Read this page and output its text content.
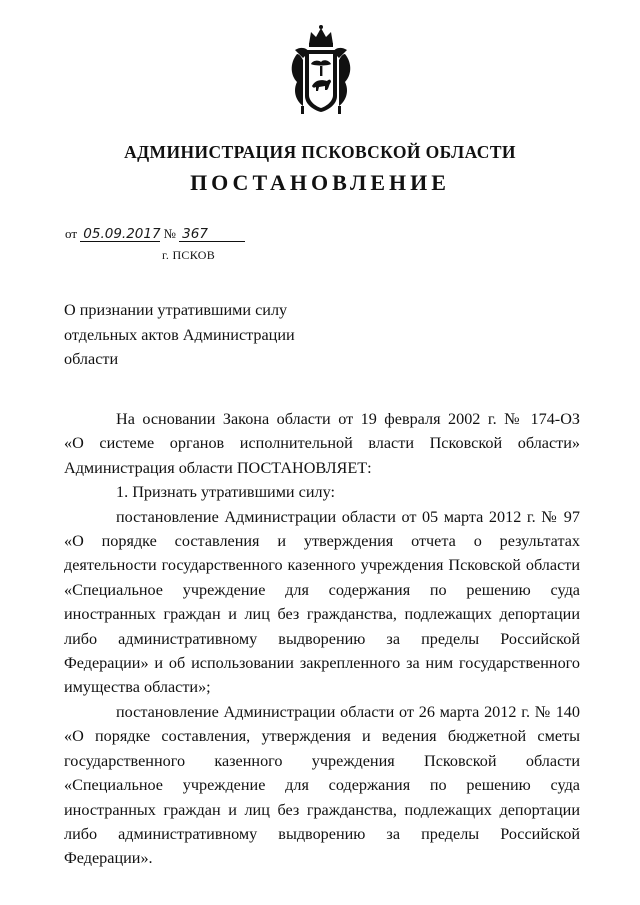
АДМИНИСТРАЦИЯ ПСКОВСКОЙ ОБЛАСТИ
ПОСТАНОВЛЕНИЕ
от 05.09.2017 № 367
г. ПСКОВ
О признании утратившими силу
отдельных актов Администрации
области
На основании Закона области от 19 февраля 2002 г. № 174-ОЗ
«О системе органов исполнительной власти Псковской области»
Администрация области ПОСТАНОВЛЯЕТ:
1. Признать утратившими силу:
постановление Администрации области от 05 марта 2012 г. № 97
«О порядке составления и утверждения отчета о результатах
деятельности государственного казенного учреждения Псковской области
«Специальное учреждение для содержания по решению суда
иностранных граждан и лиц без гражданства, подлежащих депортации
либо административному выдворению за пределы Российской
Федерации» и об использовании закрепленного за ним государственного
имущества области»;
постановление Администрации области от 26 марта 2012 г. № 140
«О порядке составления, утверждения и ведения бюджетной сметы
государственного казенного учреждения Псковской области
«Специальное учреждение для содержания по решению суда
иностранных граждан и лиц без гражданства, подлежащих депортации
либо административному выдворению за пределы Российской
Федерации».
